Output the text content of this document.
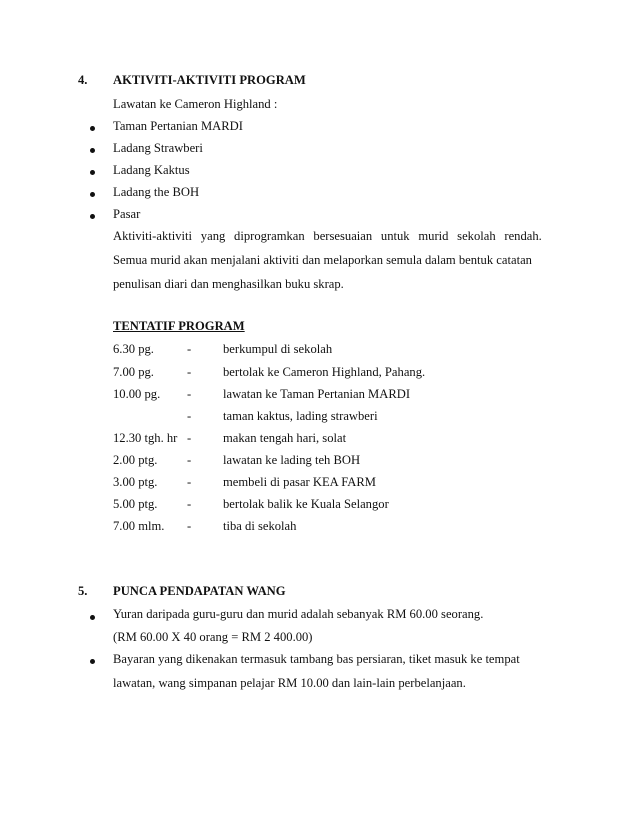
4. AKTIVITI-AKTIVITI PROGRAM
Lawatan ke Cameron Highland :
Taman Pertanian MARDI
Ladang Strawberi
Ladang Kaktus
Ladang the BOH
Pasar
Aktiviti-aktiviti yang diprogramkan bersesuaian untuk murid sekolah rendah.
Semua murid akan menjalani aktiviti dan melaporkan semula dalam bentuk catatan
penulisan diari dan menghasilkan buku skrap.
TENTATIF PROGRAM
6.30 pg.	-	berkumpul di sekolah
7.00 pg.	-	bertolak ke Cameron Highland, Pahang.
10.00 pg. -	lawatan ke Taman Pertanian MARDI
-	taman kaktus, lading strawberi
12.30 tgh. hr -	makan tengah hari, solat
2.00 ptg. -	lawatan ke lading teh BOH
3.00 ptg. -	membeli di pasar KEA FARM
5.00 ptg. -	bertolak balik ke Kuala Selangor
7.00 mlm. -	tiba di sekolah
5. PUNCA PENDAPATAN WANG
Yuran daripada guru-guru dan murid adalah sebanyak RM 60.00 seorang.
(RM 60.00 X 40 orang = RM 2 400.00)
Bayaran yang dikenakan termasuk tambang bas persiaran, tiket masuk ke tempat
lawatan, wang simpanan pelajar RM 10.00 dan lain-lain perbelanjaan.
